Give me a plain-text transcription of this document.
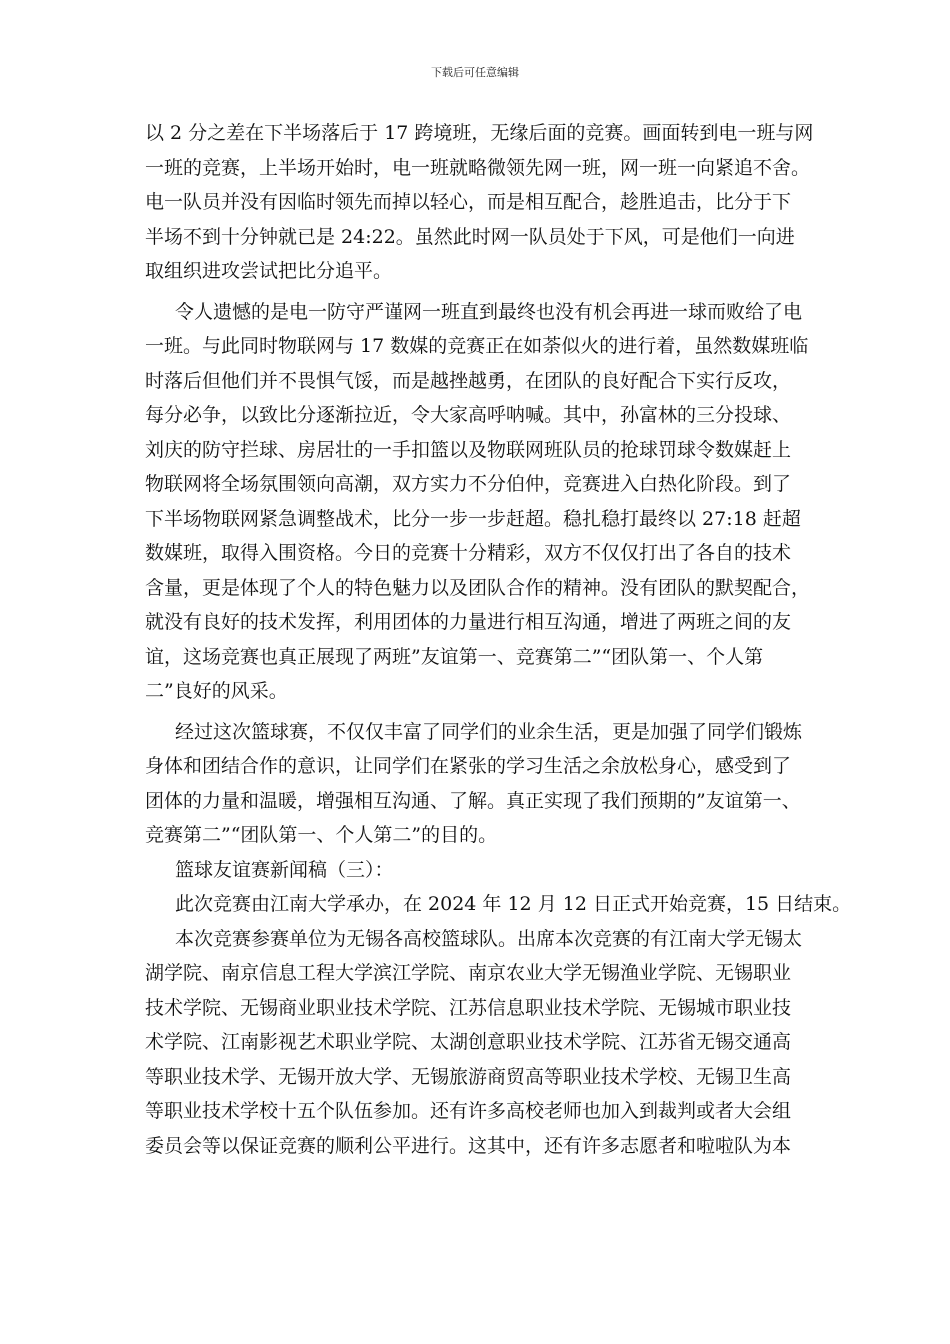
下载后可任意编辑
以 2 分之差在下半场落后于 17 跨境班，无缘后面的竞赛。画面转到电一班与网
一班的竞赛，上半场开始时，电一班就略微领先网一班，网一班一向紧追不舍。
电一队员并没有因临时领先而掉以轻心，而是相互配合，趁胜追击，比分于下
半场不到十分钟就已是 24:22。虽然此时网一队员处于下风，可是他们一向进
取组织进攻尝试把比分追平。
令人遗憾的是电一防守严谨网一班直到最终也没有机会再进一球而败给了电
一班。与此同时物联网与 17 数媒的竞赛正在如荼似火的进行着，虽然数媒班临
时落后但他们并不畏惧气馁，而是越挫越勇，在团队的良好配合下实行反攻，
每分必争，以致比分逐渐拉近，令大家高呼呐喊。其中，孙富林的三分投球、
刘庆的防守拦球、房居壮的一手扣篮以及物联网班队员的抢球罚球令数媒赶上
物联网将全场氛围领向高潮，双方实力不分伯仲，竞赛进入白热化阶段。到了
下半场物联网紧急调整战术，比分一步一步赶超。稳扎稳打最终以 27:18 赶超
数媒班，取得入围资格。今日的竞赛十分精彩，双方不仅仅打出了各自的技术
含量，更是体现了个人的特色魅力以及团队合作的精神。没有团队的默契配合，
就没有良好的技术发挥，利用团体的力量进行相互沟通，增进了两班之间的友
谊，这场竞赛也真正展现了两班”友谊第一、竞赛第二”“团队第一、个人第
二”良好的风采。
经过这次篮球赛，不仅仅丰富了同学们的业余生活，更是加强了同学们锻炼
身体和团结合作的意识，让同学们在紧张的学习生活之余放松身心，感受到了
团体的力量和温暖，增强相互沟通、了解。真正实现了我们预期的”友谊第一、
竞赛第二”“团队第一、个人第二”的目的。
篮球友谊赛新闻稿（三）：
此次竞赛由江南大学承办，在 2024 年 12 月 12 日正式开始竞赛，15 日结束。
本次竞赛参赛单位为无锡各高校篮球队。出席本次竞赛的有江南大学无锡太
湖学院、南京信息工程大学滨江学院、南京农业大学无锡渔业学院、无锡职业
技术学院、无锡商业职业技术学院、江苏信息职业技术学院、无锡城市职业技
术学院、江南影视艺术职业学院、太湖创意职业技术学院、江苏省无锡交通高
等职业技术学、无锡开放大学、无锡旅游商贸高等职业技术学校、无锡卫生高
等职业技术学校十五个队伍参加。还有许多高校老师也加入到裁判或者大会组
委员会等以保证竞赛的顺利公平进行。这其中，还有许多志愿者和啦啦队为本
